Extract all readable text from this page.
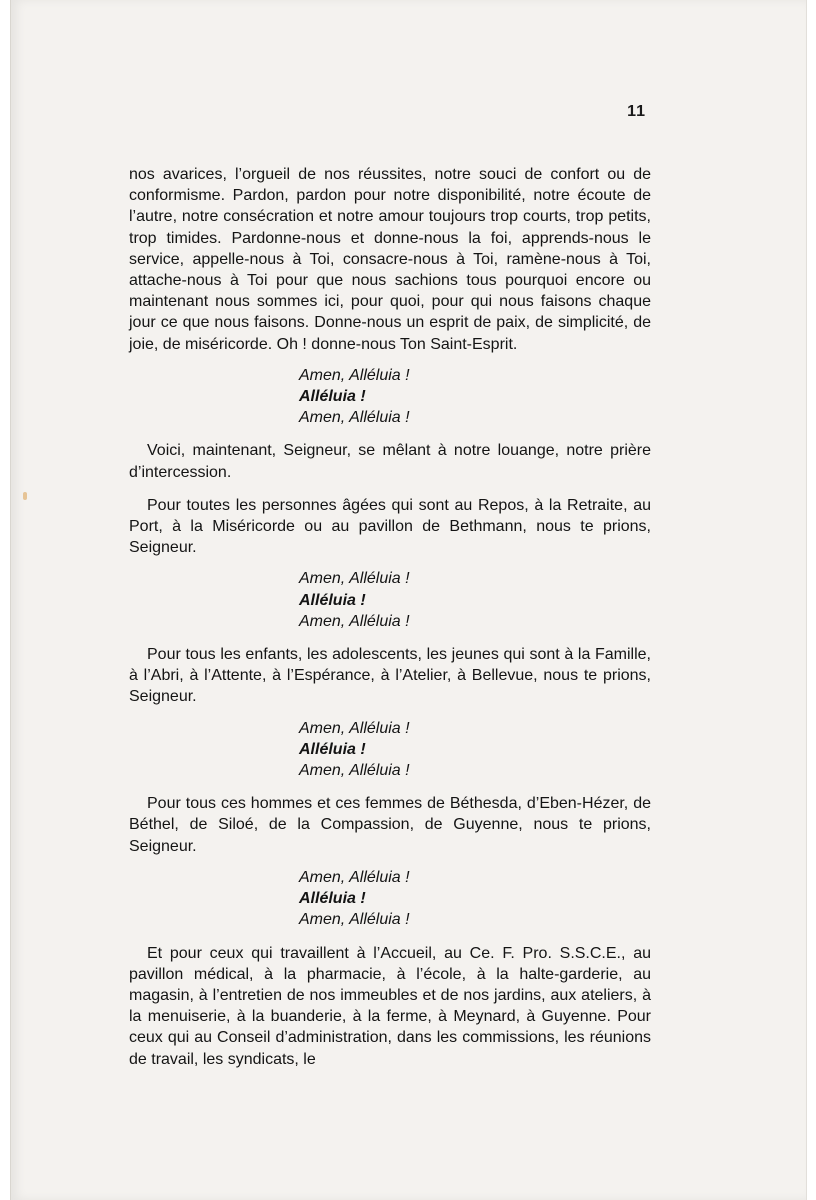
11

nos avarices, l’orgueil de nos réussites, notre souci de confort ou de conformisme. Pardon, pardon pour notre disponibilité, notre écoute de l’autre, notre consécration et notre amour toujours trop courts, trop petits, trop timides. Pardonne-nous et donne-nous la foi, apprends-nous le service, appelle-nous à Toi, consacre-nous à Toi, ramène-nous à Toi, attache-nous à Toi pour que nous sachions tous pourquoi encore ou maintenant nous sommes ici, pour quoi, pour qui nous faisons chaque jour ce que nous faisons. Donne-nous un esprit de paix, de simplicité, de joie, de miséricorde. Oh ! donne-nous Ton Saint-Esprit.

Amen, Alléluia !
Alléluia !
Amen, Alléluia !

Voici, maintenant, Seigneur, se mêlant à notre louange, notre prière d’intercession.

Pour toutes les personnes âgées qui sont au Repos, à la Retraite, au Port, à la Miséricorde ou au pavillon de Bethmann, nous te prions, Seigneur.

Amen, Alléluia !
Alléluia !
Amen, Alléluia !

Pour tous les enfants, les adolescents, les jeunes qui sont à la Famille, à l’Abri, à l’Attente, à l’Espérance, à l’Atelier, à Bellevue, nous te prions, Seigneur.

Amen, Alléluia !
Alléluia !
Amen, Alléluia !

Pour tous ces hommes et ces femmes de Béthesda, d’Eben-Hézer, de Béthel, de Siloé, de la Compassion, de Guyenne, nous te prions, Seigneur.

Amen, Alléluia !
Alléluia !
Amen, Alléluia !

Et pour ceux qui travaillent à l’Accueil, au Ce. F. Pro. S.S.C.E., au pavillon médical, à la pharmacie, à l’école, à la halte-garderie, au magasin, à l’entretien de nos immeubles et de nos jardins, aux ateliers, à la menuiserie, à la buanderie, à la ferme, à Meynard, à Guyenne. Pour ceux qui au Conseil d’administration, dans les commissions, les réunions de travail, les syndicats, le
